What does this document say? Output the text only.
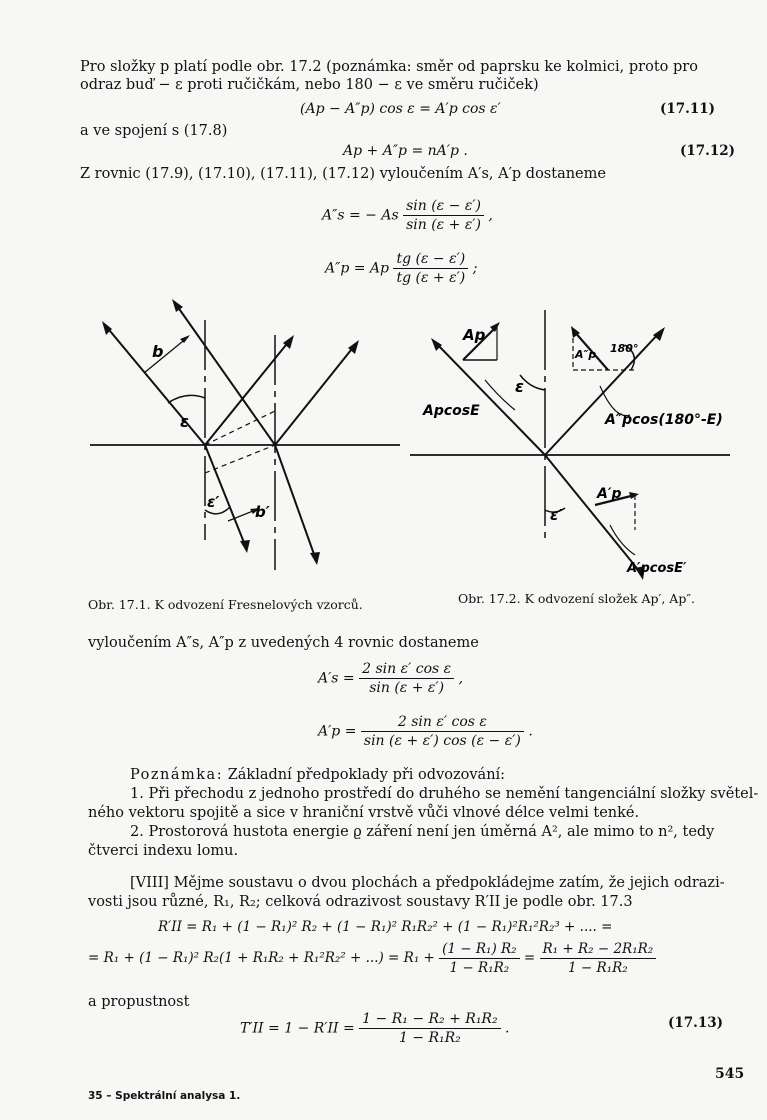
Pro složky p platí podle obr. 17.2 (poznámka: směr od paprsku ke kolmici, proto pro
odraz buď − ε proti ručičkám, nebo 180 − ε ve směru ručiček)
(Ap − A″p) cos ε = A′p cos ε′	(17.11)
a ve spojení s (17.8)
Ap + A″p = nA′p .	(17.12)
Z rovnic (17.9), (17.10), (17.11), (17.12) vyloučením A′s, A′p dostaneme
A″s = − As $\frac{\sin (\varepsilon - \varepsilon')}{\sin (\varepsilon + \varepsilon')}$ ,
A″p = Ap $\frac{tg (\varepsilon - \varepsilon')}{tg (\varepsilon + \varepsilon')}$ ;
b
ε
ε′
b′
Ap
ε
ApcosE
A″p 180°
A″pcos(180°-E)
ε′
A′p
A′pcosE′
Obr. 17.1. K odvození Fresnelových vzorců.	Obr. 17.2. K odvození složek Ap′, Ap″.
vyloučením A″s, A″p z uvedených 4 rovnic dostaneme
$A's = \frac{\text{2 sin ε′ cos ε}}{\sin (\varepsilon + \varepsilon')}$ ,
$A'p = \frac{\text{2 sin ε′ cos ε}}{\sin (\varepsilon + \varepsilon') \cos (\varepsilon - \varepsilon')}$ .
Poznámka: Základní předpoklady při odvozování:
1. Při přechodu z jednoho prostředí do druhého se nemění tangenciální složky světel-
ného vektoru spojitě a sice v hraniční vrstvě vůči vlnové délce velmi tenké.
2. Prostorová hustota energie ϱ záření není jen úměrná A², ale mimo to n², tedy
čtverci indexu lomu.
[VIII] Mějme soustavu o dvou plochách a předpokládejme zatím, že jejich odrazi-
vosti jsou různé, R₁, R₂; celková odrazivost soustavy R′II je podle obr. 17.3
R′II = R₁ + (1 − R₁)² R₂ + (1 − R₁)² R₁R₂² + (1 − R₁)²R₁²R₂³ + .... =
= R₁ + (1 − R₁)² R₂(1 + R₁R₂ + R₁²R₂² + ...) = $R_1 + \frac{\text{(1 − R₁) R₂}}{\text{1 − R₁R₂}} = \frac{\text{R₁ + R₂ − 2R₁R₂}}{\text{1 − R₁R₂}}$
a propustnost
$T'II = 1 - R'II = \frac{\text{1 − R₁ − R₂ + R₁R₂}}{\text{1 − R₁R₂}}$ .	(17.13)
35 – Spektrální analysa 1.
545
